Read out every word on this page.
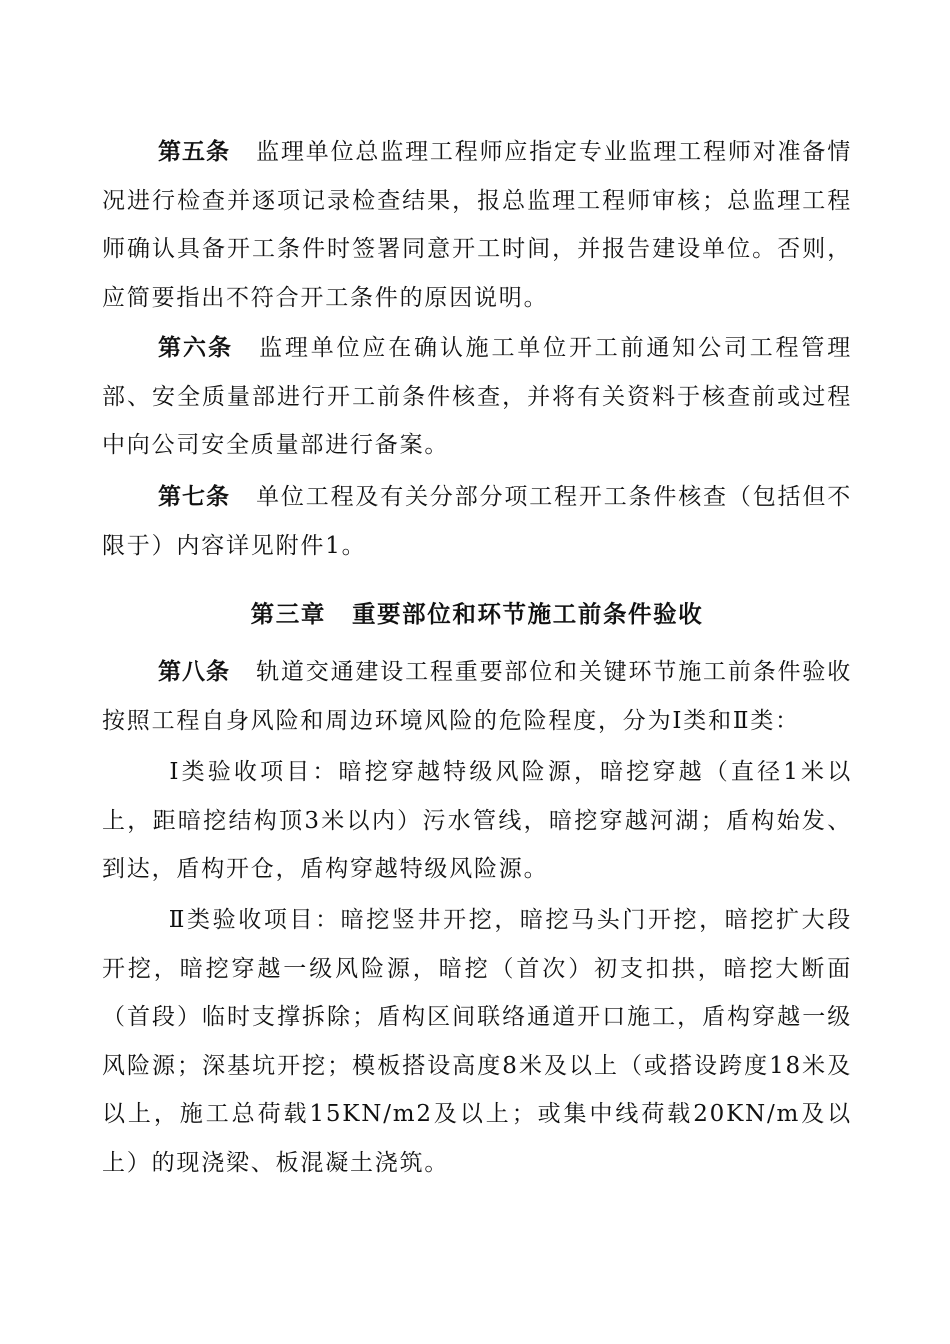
第五条 监理单位总监理工程师应指定专业监理工程师对准备情况进行检查并逐项记录检查结果，报总监理工程师审核；总监理工程师确认具备开工条件时签署同意开工时间，并报告建设单位。否则，应简要指出不符合开工条件的原因说明。

第六条 监理单位应在确认施工单位开工前通知公司工程管理部、安全质量部进行开工前条件核查，并将有关资料于核查前或过程中向公司安全质量部进行备案。

第七条 单位工程及有关分部分项工程开工条件核查（包括但不限于）内容详见附件1。

第三章 重要部位和环节施工前条件验收

第八条 轨道交通建设工程重要部位和关键环节施工前条件验收按照工程自身风险和周边环境风险的危险程度，分为Ⅰ类和Ⅱ类：

Ⅰ类验收项目：暗挖穿越特级风险源，暗挖穿越（直径1米以上，距暗挖结构顶3米以内）污水管线，暗挖穿越河湖；盾构始发、到达，盾构开仓，盾构穿越特级风险源。

Ⅱ类验收项目：暗挖竖井开挖，暗挖马头门开挖，暗挖扩大段开挖，暗挖穿越一级风险源，暗挖（首次）初支扣拱，暗挖大断面（首段）临时支撑拆除；盾构区间联络通道开口施工，盾构穿越一级风险源；深基坑开挖；模板搭设高度8米及以上（或搭设跨度18米及以上，施工总荷载15KN/m2及以上；或集中线荷载20KN/m及以上）的现浇梁、板混凝土浇筑。
